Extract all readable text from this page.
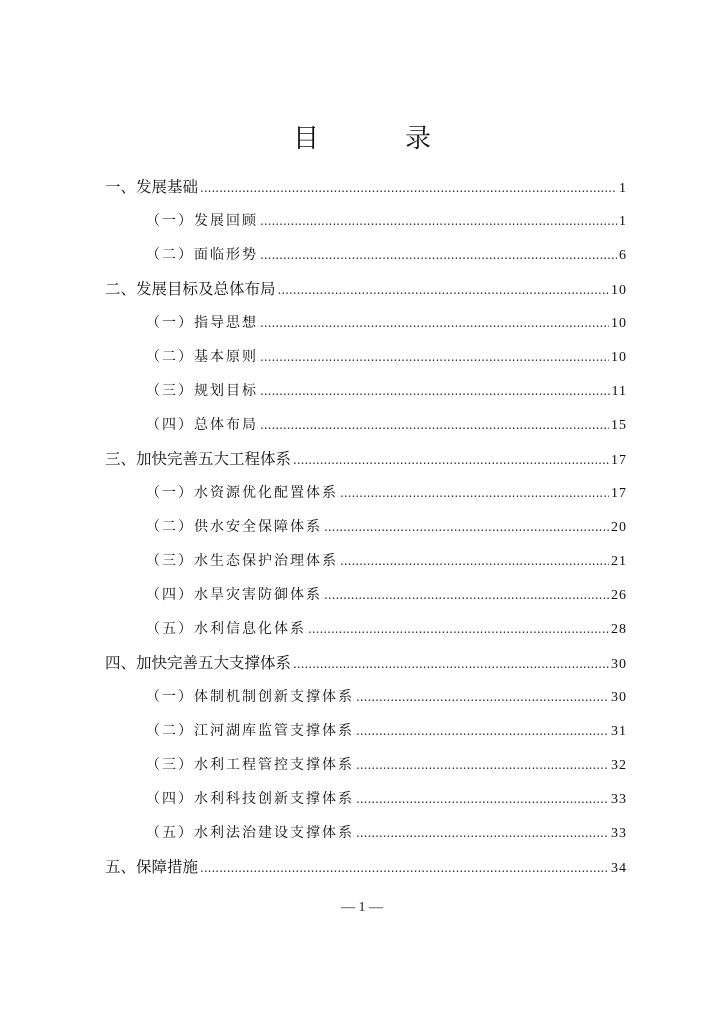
目　录
一、发展基础 .....	1
（一）发展回顾 .....	1
（二）面临形势 .....	6
二、发展目标及总体布局 .....	10
（一）指导思想 .....	10
（二）基本原则 .....	10
（三）规划目标 .....	11
（四）总体布局 .....	15
三、加快完善五大工程体系 .....	17
（一）水资源优化配置体系 .....	17
（二）供水安全保障体系 .....	20
（三）水生态保护治理体系 .....	21
（四）水旱灾害防御体系 .....	26
（五）水利信息化体系 .....	28
四、加快完善五大支撑体系 .....	30
（一）体制机制创新支撑体系 .....	30
（二）江河湖库监管支撑体系 .....	31
（三）水利工程管控支撑体系 .....	32
（四）水利科技创新支撑体系 .....	33
（五）水利法治建设支撑体系 .....	33
五、保障措施 .....	34
— 1 —
